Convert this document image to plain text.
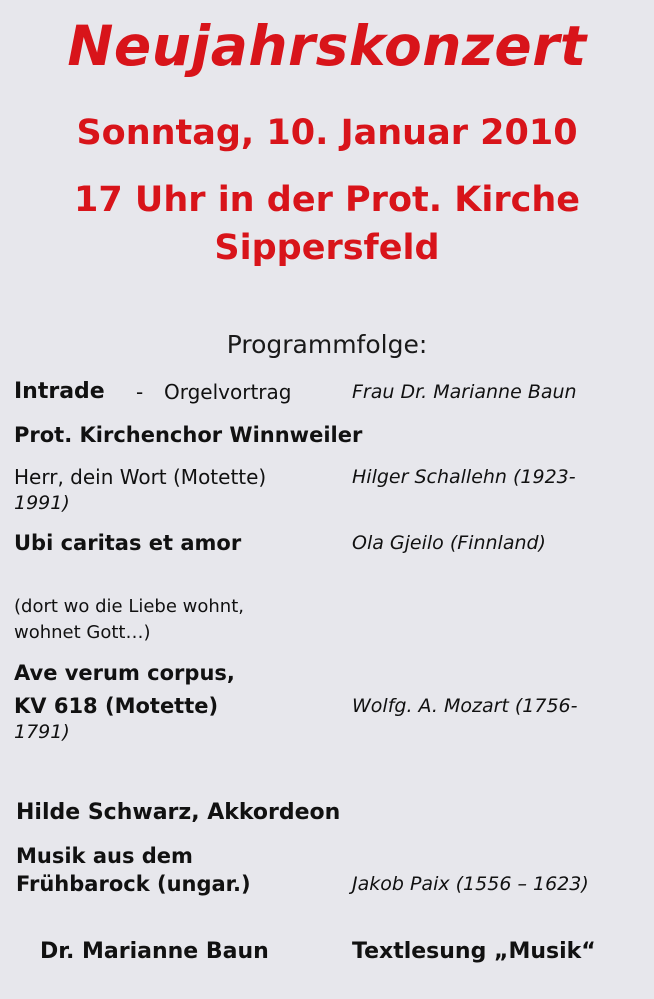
Neujahrskonzert
Sonntag, 10. Januar 2010
17 Uhr in der Prot. Kirche
Sippersfeld
Programmfolge:
Intrade - Orgelvortrag	Frau Dr. Marianne Baun
Prot. Kirchenchor Winnweiler
Herr, dein Wort (Motette)	Hilger Schallehn (1923-
1991)
Ubi caritas et amor	Ola Gjeilo (Finnland)
(dort wo die Liebe wohnt,
wohnet Gott…)
Ave verum corpus,
KV 618 (Motette)	Wolfg. A. Mozart (1756-
1791)
Hilde Schwarz, Akkordeon
Musik aus dem
Frühbarock (ungar.)	Jakob Paix (1556 – 1623)
Dr. Marianne Baun	Textlesung „Musik“
